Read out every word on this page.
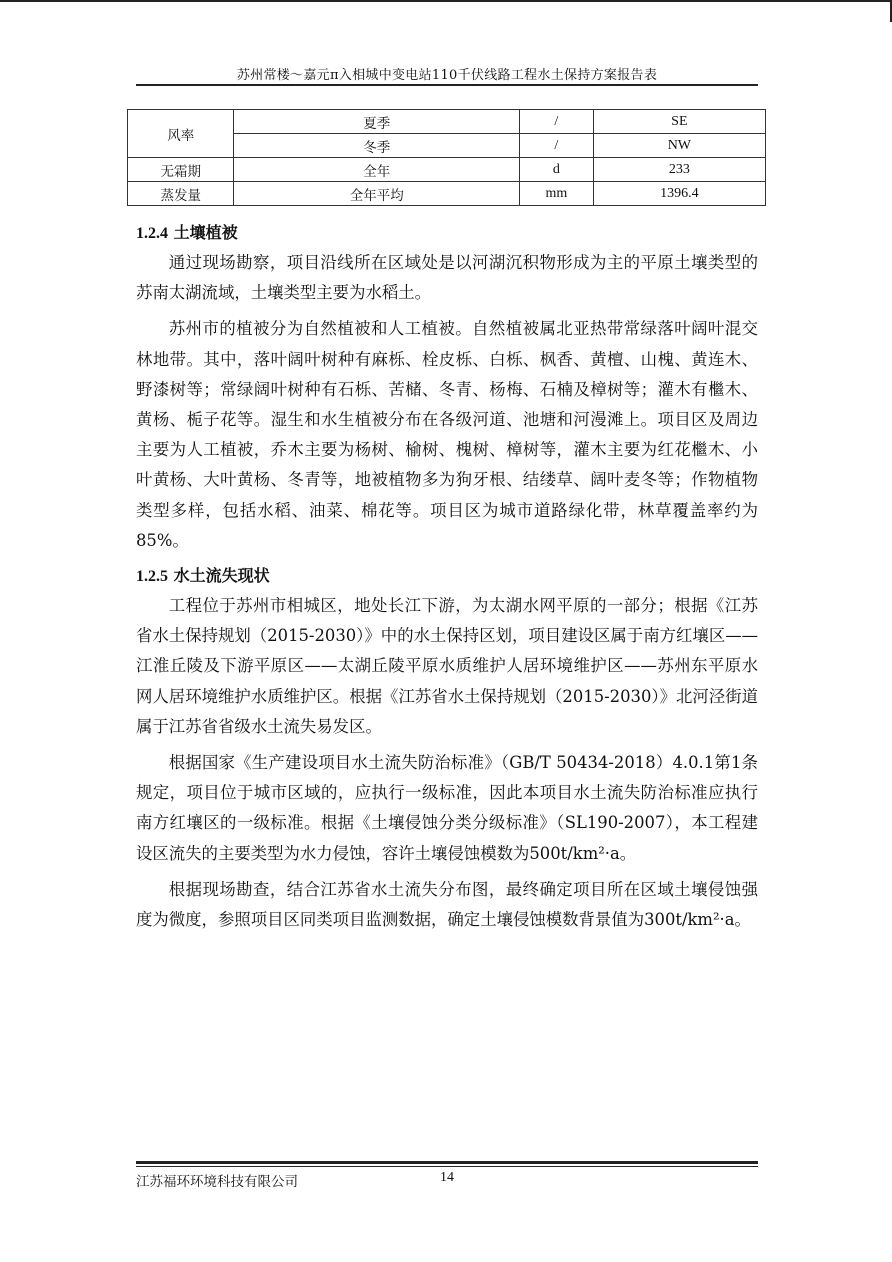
苏州常楼～嘉元π入相城中变电站110千伏线路工程水土保持方案报告表
风率	夏季	/	SE
	冬季	/	NW
无霜期	全年	d	233
蒸发量	全年平均	mm	1396.4
1.2.4 土壤植被

通过现场勘察，项目沿线所在区域处是以河湖沉积物形成为主的平原土壤类型的苏南太湖流域，土壤类型主要为水稻土。

苏州市的植被分为自然植被和人工植被。自然植被属北亚热带常绿落叶阔叶混交林地带。其中，落叶阔叶树种有麻栎、栓皮栎、白栎、枫香、黄檀、山槐、黄连木、野漆树等；常绿阔叶树种有石栎、苦槠、冬青、杨梅、石楠及樟树等；灌木有檵木、黄杨、栀子花等。湿生和水生植被分布在各级河道、池塘和河漫滩上。项目区及周边主要为人工植被，乔木主要为杨树、榆树、槐树、樟树等，灌木主要为红花檵木、小叶黄杨、大叶黄杨、冬青等，地被植物多为狗牙根、结缕草、阔叶麦冬等；作物植物类型多样，包括水稻、油菜、棉花等。项目区为城市道路绿化带，林草覆盖率约为85%。

1.2.5 水土流失现状

工程位于苏州市相城区，地处长江下游，为太湖水网平原的一部分；根据《江苏省水土保持规划（2015-2030）》中的水土保持区划，项目建设区属于南方红壤区——江淮丘陵及下游平原区——太湖丘陵平原水质维护人居环境维护区——苏州东平原水网人居环境维护水质维护区。根据《江苏省水土保持规划（2015-2030）》北河泾街道属于江苏省省级水土流失易发区。

根据国家《生产建设项目水土流失防治标准》（GB/T 50434-2018）4.0.1第1条规定，项目位于城市区域的，应执行一级标准，因此本项目水土流失防治标准应执行南方红壤区的一级标准。根据《土壤侵蚀分类分级标准》（SL190-2007），本工程建设区流失的主要类型为水力侵蚀，容许土壤侵蚀模数为500t/km²·a。

根据现场勘查，结合江苏省水土流失分布图，最终确定项目所在区域土壤侵蚀强度为微度，参照项目区同类项目监测数据，确定土壤侵蚀模数背景值为300t/km²·a。

江苏福环环境科技有限公司	14
